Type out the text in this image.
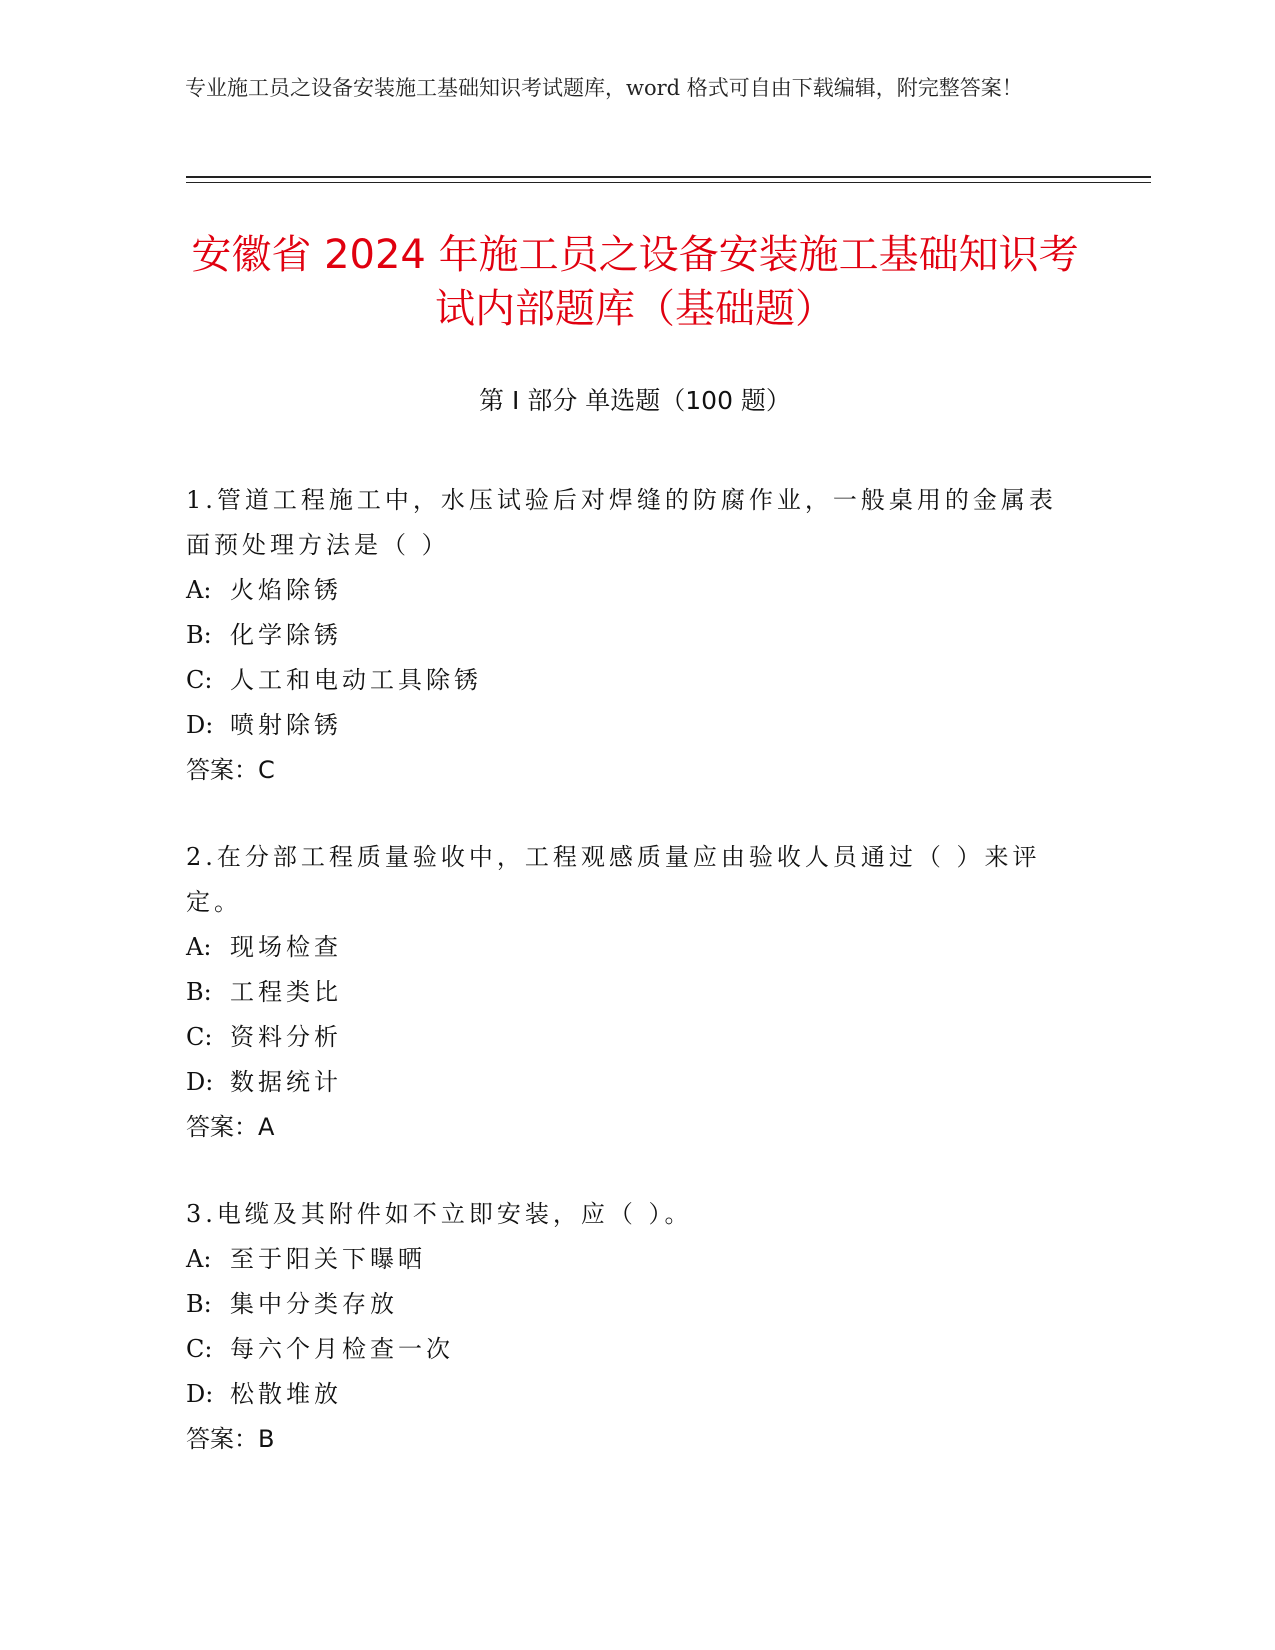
专业施工员之设备安装施工基础知识考试题库，word 格式可自由下载编辑，附完整答案！
安徽省 2024 年施工员之设备安装施工基础知识考试内部题库（基础题）
第 I 部分 单选题（100 题）
1.管道工程施工中，水压试验后对焊缝的防腐作业，一般桌用的金属表面预处理方法是（ ）
A: 火焰除锈
B: 化学除锈
C: 人工和电动工具除锈
D: 喷射除锈
答案：C
2.在分部工程质量验收中，工程观感质量应由验收人员通过（ ）来评定。
A: 现场检查
B: 工程类比
C: 资料分析
D: 数据统计
答案：A
3.电缆及其附件如不立即安装，应（ ）。
A: 至于阳关下曝晒
B: 集中分类存放
C: 每六个月检查一次
D: 松散堆放
答案：B
